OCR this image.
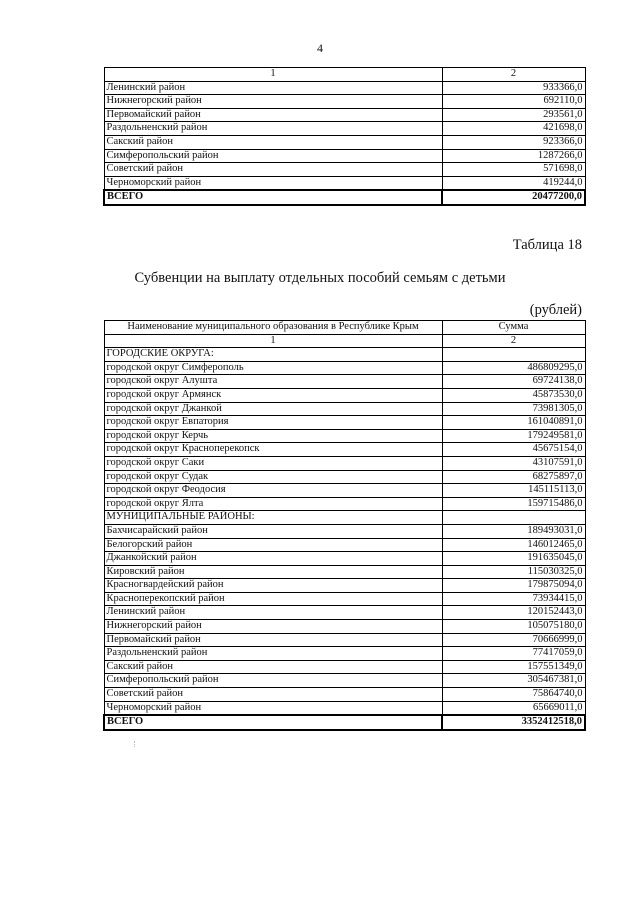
4
1	2
Ленинский район	933366,0
Нижнегорский район	692110,0
Первомайский район	293561,0
Раздольненский район	421698,0
Сакский район	923366,0
Симферопольский район	1287266,0
Советский район	571698,0
Черноморский район	419244,0
ВСЕГО	20477200,0
Таблица 18
Субвенции на выплату отдельных пособий семьям с детьми
(рублей)
Наименование муниципального образования в Республике Крым	Сумма
1	2
ГОРОДСКИЕ ОКРУГА:	
городской округ Симферополь	486809295,0
городской округ Алушта	69724138,0
городской округ Армянск	45873530,0
городской округ Джанкой	73981305,0
городской округ Евпатория	161040891,0
городской округ Керчь	179249581,0
городской округ Красноперекопск	45675154,0
городской округ Саки	43107591,0
городской округ Судак	68275897,0
городской округ Феодосия	145115113,0
городской округ Ялта	159715486,0
МУНИЦИПАЛЬНЫЕ РАЙОНЫ:	
Бахчисарайский район	189493031,0
Белогорский район	146012465,0
Джанкойский район	191635045,0
Кировский район	115030325,0
Красногвардейский район	179875094,0
Красноперекопский район	73934415,0
Ленинский район	120152443,0
Нижнегорский район	105075180,0
Первомайский район	70666999,0
Раздольненский район	77417059,0
Сакский район	157551349,0
Симферопольский район	305467381,0
Советский район	75864740,0
Черноморский район	65669011,0
ВСЕГО	3352412518,0
